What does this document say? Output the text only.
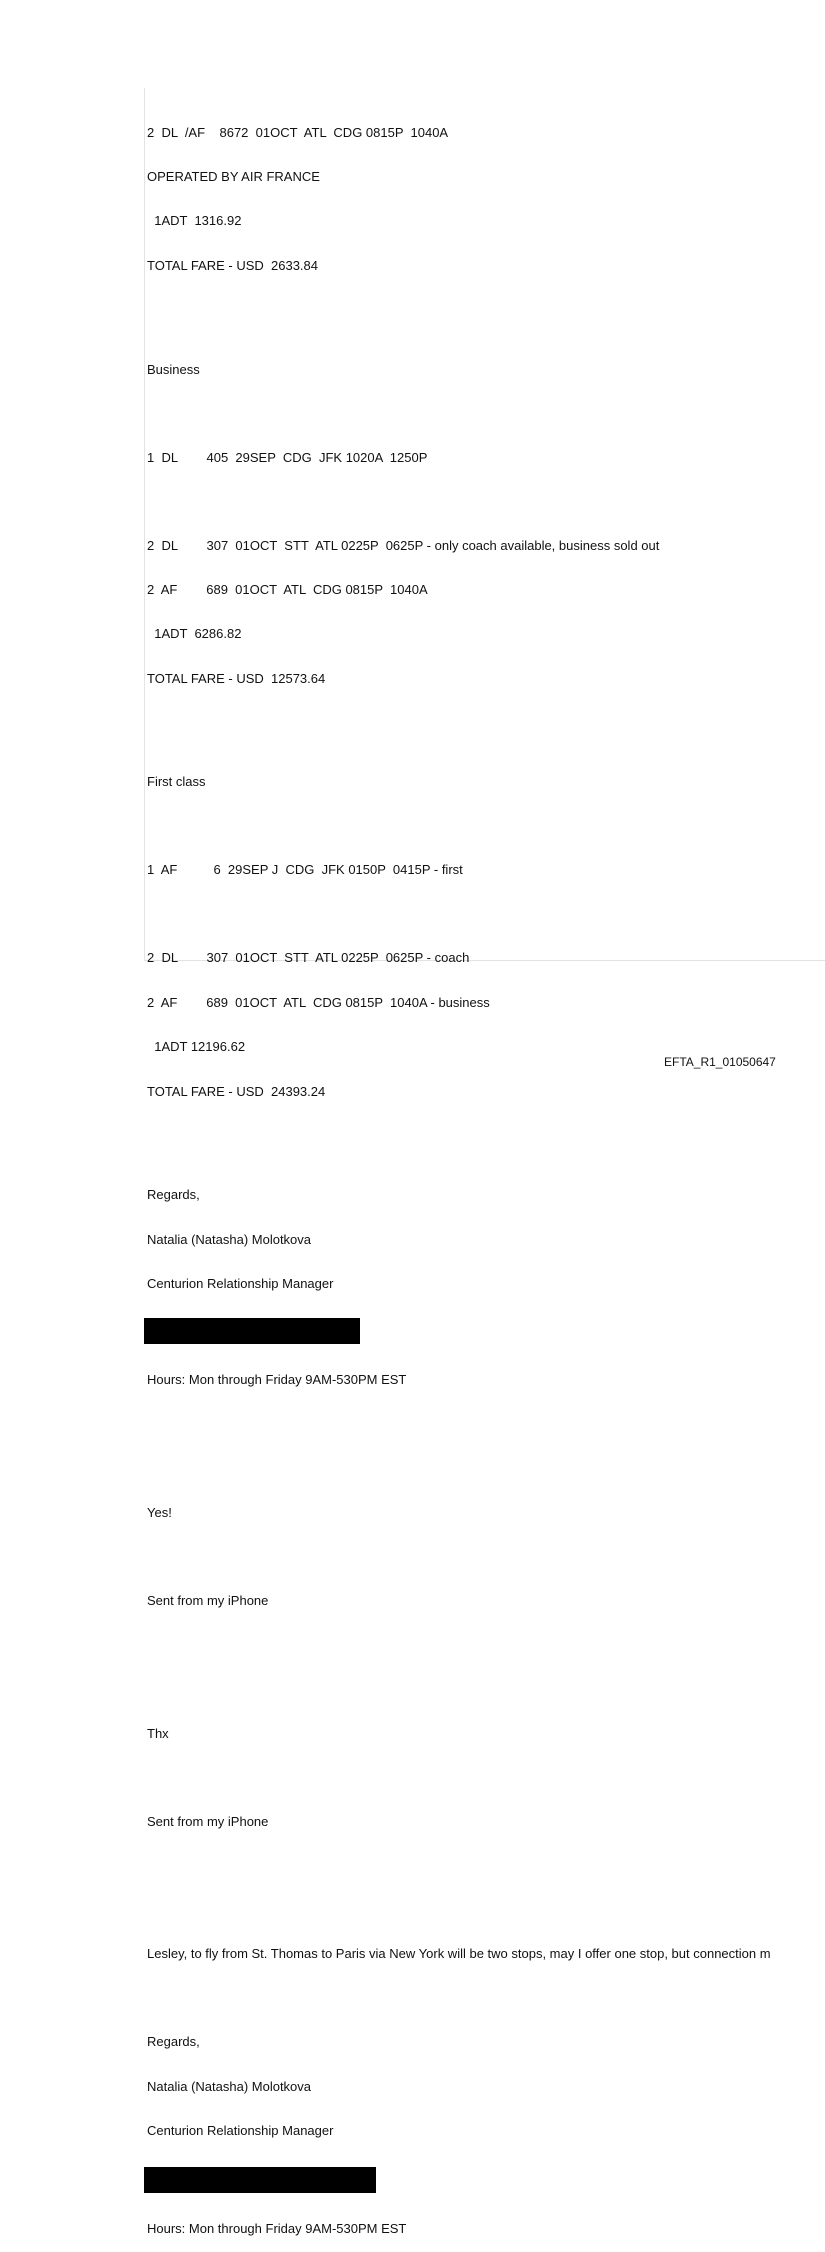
2  DL  /AF    8672  01OCT  ATL  CDG 0815P  1040A

OPERATED BY AIR FRANCE

1ADT  1316.92

TOTAL FARE - USD  2633.84

Business

1  DL        405  29SEP  CDG  JFK 1020A  1250P

2  DL        307  01OCT  STT  ATL 0225P  0625P - only coach available, business sold out

2  AF        689  01OCT  ATL  CDG 0815P  1040A

1ADT  6286.82

TOTAL FARE - USD  12573.64

First class

1  AF          6  29SEP J  CDG  JFK 0150P  0415P - first

2  DL        307  01OCT  STT  ATL 0225P  0625P - coach

2  AF        689  01OCT  ATL  CDG 0815P  1040A - business

1ADT 12196.62

TOTAL FARE - USD  24393.24

Regards,

Natalia (Natasha) Molotkova

Centurion Relationship Manager

Hours: Mon through Friday 9AM-530PM EST

Yes!

Sent from my iPhone

Thx

Sent from my iPhone

Lesley, to fly from St. Thomas to Paris via New York will be two stops, may I offer one stop, but connection m

Regards,

Natalia (Natasha) Molotkova

Centurion Relationship Manager

Hours: Mon through Friday 9AM-530PM EST

EFTA_R1_01050647
